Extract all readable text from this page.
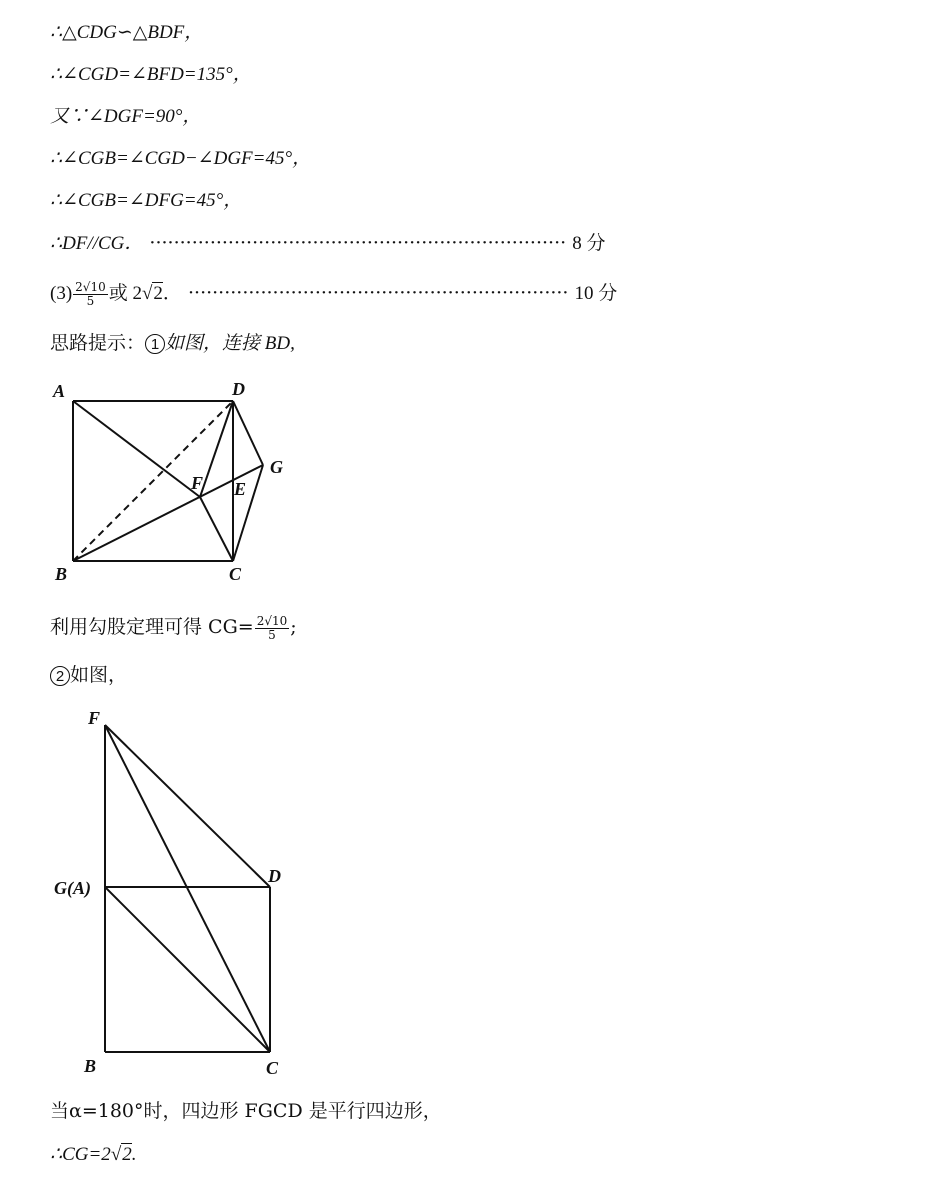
∴△CDG∽△BDF，
∴∠CGD=∠BFD=135°，
又∵∠DGF=90°，
∴∠CGB=∠CGD−∠DGF=45°，
∴∠CGB=∠DFG=45°，
∴DF//CG． ····································································· 8 分
$(3) \frac{2√10}{5}$ 或 2√2． ······························································· 10 分
思路提示： 1 如图，连接 BD,
A	D
G
F E
B	C
利用勾股定理可得 $CG= \frac{2√10}{5}$ ;
2 如图，
F
G(A)
D
B	C
当α=180°时，四边形 FGCD 是平行四边形，
∴CG=2√2.
